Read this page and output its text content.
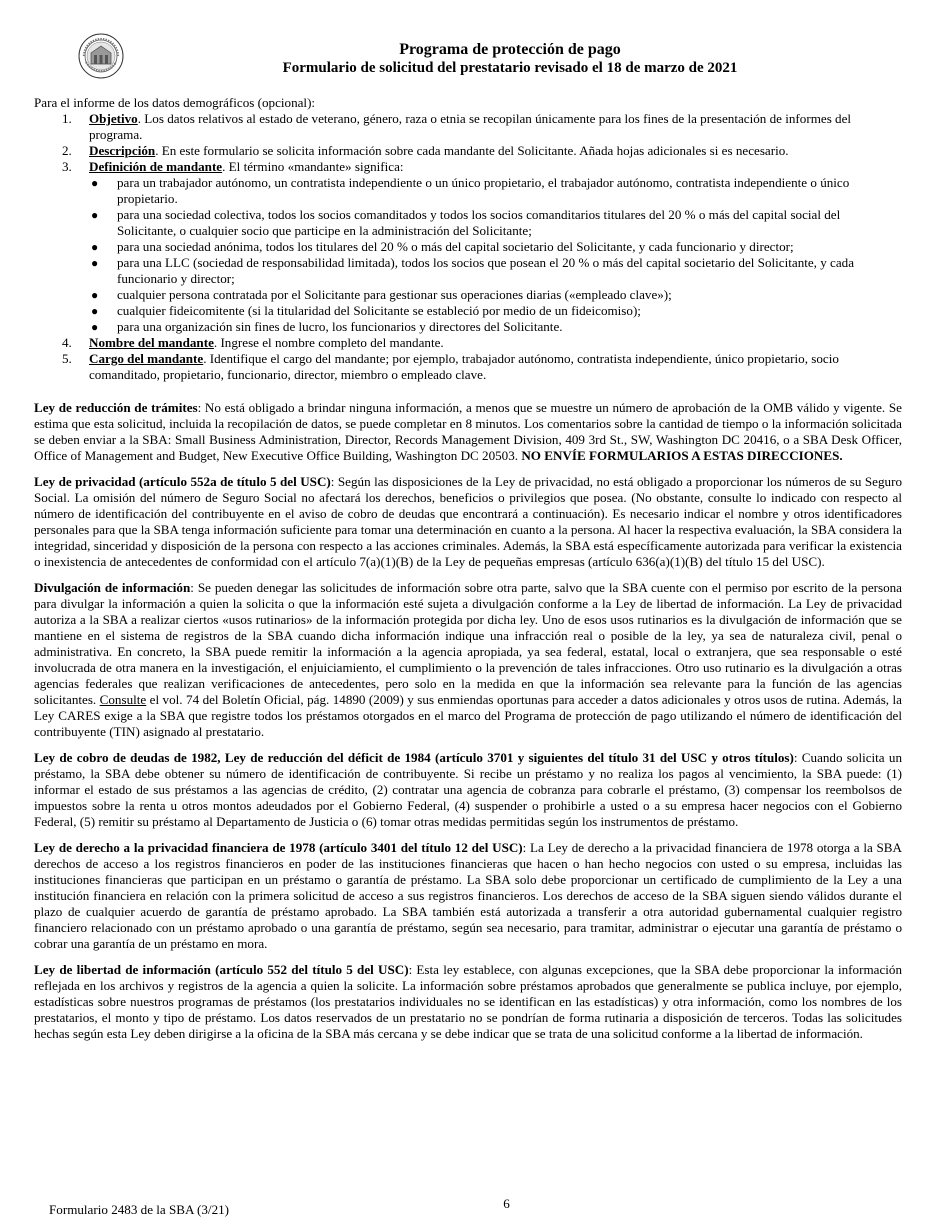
Programa de protección de pago
Formulario de solicitud del prestatario revisado el 18 de marzo de 2021

Para el informe de los datos demográficos (opcional):

1. Objetivo. Los datos relativos al estado de veterano, género, raza o etnia se recopilan únicamente para los fines de la presentación de informes del programa.
2. Descripción. En este formulario se solicita información sobre cada mandante del Solicitante. Añada hojas adicionales si es necesario.
3. Definición de mandante. El término «mandante» significa:
● para un trabajador autónomo, un contratista independiente o un único propietario, el trabajador autónomo, contratista independiente o único propietario.
● para una sociedad colectiva, todos los socios comanditados y todos los socios comanditarios titulares del 20 % o más del capital social del Solicitante, o cualquier socio que participe en la administración del Solicitante;
● para una sociedad anónima, todos los titulares del 20 % o más del capital societario del Solicitante, y cada funcionario y director;
● para una LLC (sociedad de responsabilidad limitada), todos los socios que posean el 20 % o más del capital societario del Solicitante, y cada funcionario y director;
● cualquier persona contratada por el Solicitante para gestionar sus operaciones diarias («empleado clave»);
● cualquier fideicomitente (si la titularidad del Solicitante se estableció por medio de un fideicomiso);
● para una organización sin fines de lucro, los funcionarios y directores del Solicitante.
4. Nombre del mandante. Ingrese el nombre completo del mandante.
5. Cargo del mandante. Identifique el cargo del mandante; por ejemplo, trabajador autónomo, contratista independiente, único propietario, socio comanditado, propietario, funcionario, director, miembro o empleado clave.

Ley de reducción de trámites: No está obligado a brindar ninguna información, a menos que se muestre un número de aprobación de la OMB válido y vigente. Se estima que esta solicitud, incluida la recopilación de datos, se puede completar en 8 minutos. Los comentarios sobre la cantidad de tiempo o la información solicitada se deben enviar a la SBA: Small Business Administration, Director, Records Management Division, 409 3rd St., SW, Washington DC 20416, o a SBA Desk Officer, Office of Management and Budget, New Executive Office Building, Washington DC 20503. NO ENVÍE FORMULARIOS A ESTAS DIRECCIONES.

Ley de privacidad (artículo 552a de título 5 del USC): Según las disposiciones de la Ley de privacidad, no está obligado a proporcionar los números de su Seguro Social. La omisión del número de Seguro Social no afectará los derechos, beneficios o privilegios que posea. (No obstante, consulte lo indicado con respecto al número de identificación del contribuyente en el aviso de cobro de deudas que encontrará a continuación). Es necesario indicar el nombre y otros identificadores personales para que la SBA tenga información suficiente para tomar una determinación en cuanto a la persona. Al hacer la respectiva evaluación, la SBA considera la integridad, sinceridad y disposición de la persona con respecto a las acciones criminales. Además, la SBA está específicamente autorizada para verificar la existencia o inexistencia de antecedentes de conformidad con el artículo 7(a)(1)(B) de la Ley de pequeñas empresas (artículo 636(a)(1)(B) del título 15 del USC).

Divulgación de información: Se pueden denegar las solicitudes de información sobre otra parte, salvo que la SBA cuente con el permiso por escrito de la persona para divulgar la información a quien la solicita o que la información esté sujeta a divulgación conforme a la Ley de libertad de información. La Ley de privacidad autoriza a la SBA a realizar ciertos «usos rutinarios» de la información protegida por dicha ley. Uno de esos usos rutinarios es la divulgación de información que se mantiene en el sistema de registros de la SBA cuando dicha información indique una infracción real o posible de la ley, ya sea de naturaleza civil, penal o administrativa. En concreto, la SBA puede remitir la información a la agencia apropiada, ya sea federal, estatal, local o extranjera, que sea responsable o esté involucrada de otra manera en la investigación, el enjuiciamiento, el cumplimiento o la prevención de tales infracciones. Otro uso rutinario es la divulgación a otras agencias federales que realizan verificaciones de antecedentes, pero solo en la medida en que la información sea relevante para la función de las agencias solicitantes. Consulte el vol. 74 del Boletín Oficial, pág. 14890 (2009) y sus enmiendas oportunas para acceder a datos adicionales y otros usos de rutina. Además, la Ley CARES exige a la SBA que registre todos los préstamos otorgados en el marco del Programa de protección de pago utilizando el número de identificación del contribuyente (TIN) asignado al prestatario.

Ley de cobro de deudas de 1982, Ley de reducción del déficit de 1984 (artículo 3701 y siguientes del título 31 del USC y otros títulos): Cuando solicita un préstamo, la SBA debe obtener su número de identificación de contribuyente. Si recibe un préstamo y no realiza los pagos al vencimiento, la SBA puede: (1) informar el estado de sus préstamos a las agencias de crédito, (2) contratar una agencia de cobranza para cobrarle el préstamo, (3) compensar los reembolsos de impuestos sobre la renta u otros montos adeudados por el Gobierno Federal, (4) suspender o prohibirle a usted o a su empresa hacer negocios con el Gobierno Federal, (5) remitir su préstamo al Departamento de Justicia o (6) tomar otras medidas permitidas según los instrumentos de préstamo.

Ley de derecho a la privacidad financiera de 1978 (artículo 3401 del título 12 del USC): La Ley de derecho a la privacidad financiera de 1978 otorga a la SBA derechos de acceso a los registros financieros en poder de las instituciones financieras que hacen o han hecho negocios con usted o su empresa, incluidas las instituciones financieras que participan en un préstamo o garantía de préstamo. La SBA solo debe proporcionar un certificado de cumplimiento de la Ley a una institución financiera en relación con la primera solicitud de acceso a sus registros financieros. Los derechos de acceso de la SBA siguen siendo válidos durante el plazo de cualquier acuerdo de garantía de préstamo aprobado. La SBA también está autorizada a transferir a otra autoridad gubernamental cualquier registro financiero relacionado con un préstamo aprobado o una garantía de préstamo, según sea necesario, para tramitar, administrar o ejecutar una garantía de préstamo o cobrar una garantía de un préstamo en mora.

Ley de libertad de información (artículo 552 del título 5 del USC): Esta ley establece, con algunas excepciones, que la SBA debe proporcionar la información reflejada en los archivos y registros de la agencia a quien la solicite. La información sobre préstamos aprobados que generalmente se publica incluye, por ejemplo, estadísticas sobre nuestros programas de préstamos (los prestatarios individuales no se identifican en las estadísticas) y otra información, como los nombres de los prestatarios, el monto y tipo de préstamo. Los datos reservados de un prestatario no se pondrían de forma rutinaria a disposición de terceros. Todas las solicitudes hechas según esta Ley deben dirigirse a la oficina de la SBA más cercana y se debe indicar que se trata de una solicitud conforme a la libertad de información.

Formulario 2483 de la SBA (3/21)	6
